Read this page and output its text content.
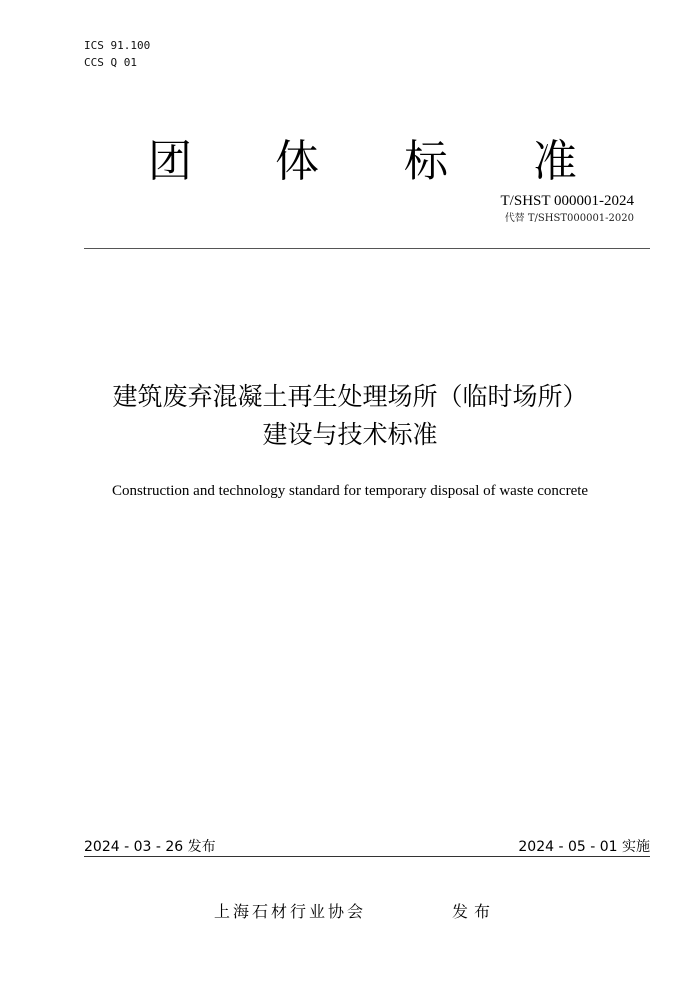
ICS 91.100
CCS Q 01
团 体 标 准
T/SHST 000001-2024
代替 T/SHST000001-2020
建筑废弃混凝土再生处理场所（临时场所）
建设与技术标准
Construction and technology standard for temporary disposal of waste concrete
2024 - 03 - 26 发布	2024 - 05 - 01 实施
上海石材行业协会	发布
